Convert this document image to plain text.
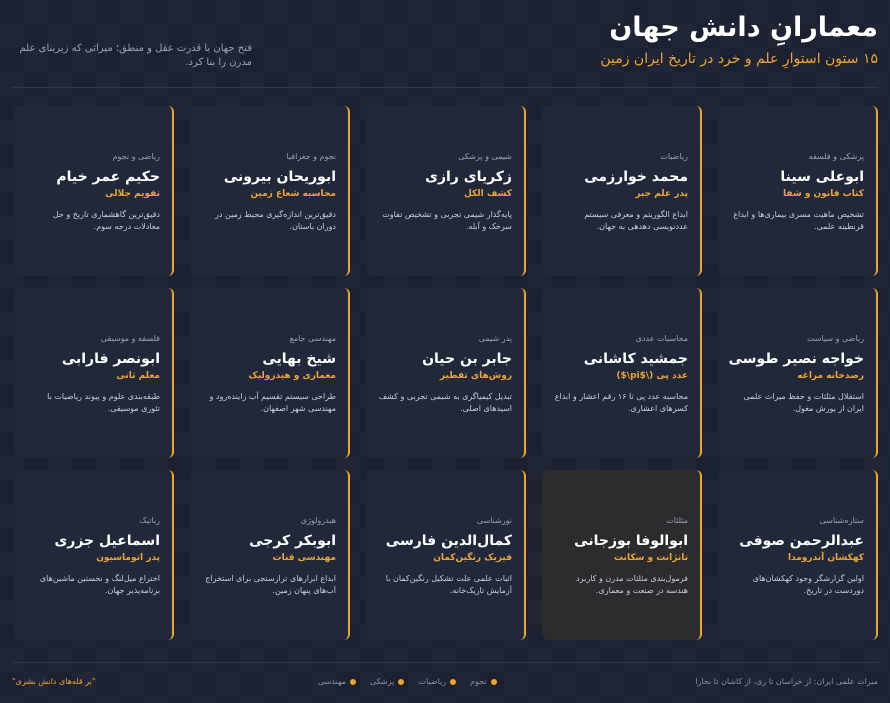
معمارانِ دانش جهان
۱۵ ستون استوارِ علم و خرد در تاریخ ایران زمین
فتح جهان با قدرت عقل و منطق؛ میراثی که زیربنای علم مدرن را بنا کرد.
پزشکی و فلسفه
ابوعلی سینا
کتاب قانون و شفا
تشخیص ماهیت مسری بیماری‌ها و ابداع قرنطینه علمی.
ریاضیات
محمد خوارزمی
پدر علم جبر
ابداع الگوریتم و معرفی سیستم عددنویسی دهدهی به جهان.
شیمی و پزشکی
زکریای رازی
کشف الکل
پایه‌گذار شیمی تجربی و تشخیص تفاوت سرخک و آبله.
نجوم و جغرافیا
ابوریحان بیرونی
محاسبه شعاع زمین
دقیق‌ترین اندازه‌گیری محیط زمین در دوران باستان.
ریاضی و نجوم
حکیم عمر خیام
تقویم جلالی
دقیق‌ترین گاهشماری تاریخ و حل معادلات درجه سوم.
ریاضی و سیاست
خواجه نصیر طوسی
رصدخانه مراغه
استقلال مثلثات و حفظ میراث علمی ایران از یورش مغول.
محاسبات عددی
جمشید کاشانی
عدد پی (\$pi\$)
محاسبه عدد پی تا ۱۶ رقم اعشار و ابداع کسرهای اعشاری.
پدر شیمی
جابر بن حیان
روش‌های تقطیر
تبدیل کیمیاگری به شیمی تجربی و کشف اسیدهای اصلی.
مهندسی جامع
شیخ بهایی
معماری و هیدرولیک
طراحی سیستم تقسیم آب زاینده‌رود و مهندسی شهر اصفهان.
فلسفه و موسیقی
ابونصر فارابی
معلم ثانی
طبقه‌بندی علوم و پیوند ریاضیات با تئوری موسیقی.
ستاره‌شناسی
عبدالرحمن صوفی
کهکشان آندرومدا
اولین گزارشگر وجود کهکشان‌های دوردست در تاریخ.
مثلثات
ابوالوفا بوزجانی
تانژانت و سکانت
فرمول‌بندی مثلثات مدرن و کاربرد هندسه در صنعت و معماری.
نورشناسی
کمال‌الدین فارسی
فیزیک رنگین‌کمان
اثبات علمی علت تشکیل رنگین‌کمان با آزمایش تاریک‌خانه.
هیدرولوژی
ابوبکر کرجی
مهندسی قنات
ابداع ابزارهای ترازسنجی برای استخراج آب‌های پنهان زمین.
رباتیک
اسماعیل جزری
پدر اتوماسیون
اختراع میل‌لنگ و نخستین ماشین‌های برنامه‌پذیر جهان.
میراث علمی ایران: از خراسان تا ری، از کاشان تا بخارا
نجوم
ریاضیات
پزشکی
مهندسی
"بر قله‌های دانش بشری"
